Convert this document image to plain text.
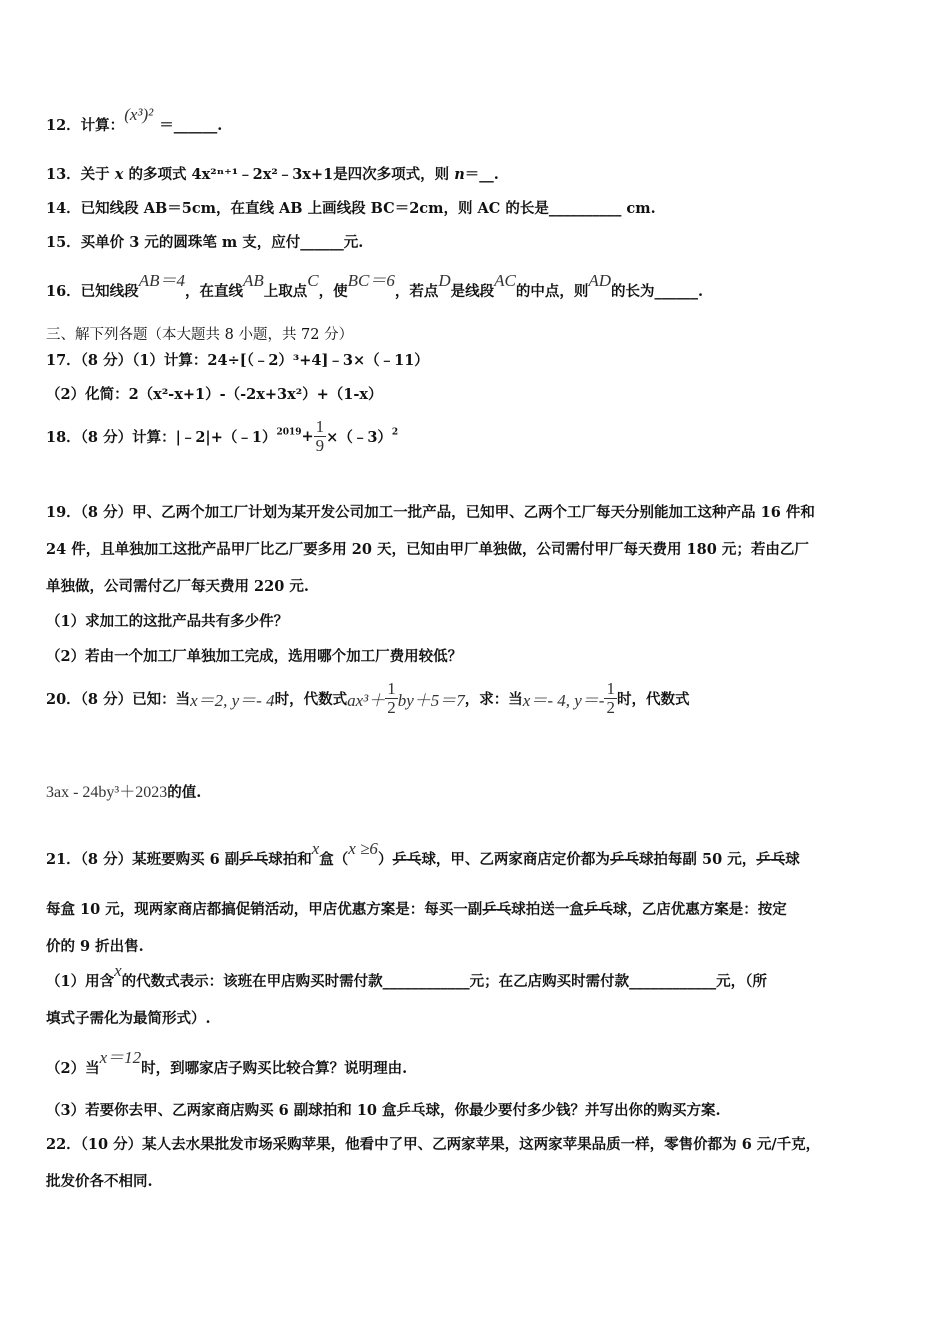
12．计算：(x³)²＝______.
13．关于 x 的多项式 4x²ⁿ⁺¹﹣2x²﹣3x+1是四次多项式，则 n＝__.
14．已知线段 AB＝5cm，在直线 AB 上画线段 BC＝2cm，则 AC 的长是__________ cm.
15．买单价 3 元的圆珠笔 m 支，应付______元.
16．已知线段AB＝4，在直线AB上取点C，使BC＝6，若点D是线段AC的中点，则AD的长为______.
三、解下列各题（本大题共 8 小题，共 72 分）
17．（8 分）（1）计算：24÷[（﹣2）³+4]﹣3×（﹣11）
（2）化简：2（x²-x+1）-（-2x+3x²）+（1-x）
18．（8 分）计算：|﹣2|+（﹣1）$^{2019}$+ $\frac{1}{9}$ ×（﹣3）$^2$
19．（8 分）甲、乙两个加工厂计划为某开发公司加工一批产品，已知甲、乙两个工厂每天分别能加工这种产品 16 件和
24 件，且单独加工这批产品甲厂比乙厂要多用 20 天，已知由甲厂单独做，公司需付甲厂每天费用 180 元；若由乙厂
单独做，公司需付乙厂每天费用 220 元.
（1）求加工的这批产品共有多少件？
（2）若由一个加工厂单独加工完成，选用哪个加工厂费用较低？
20．（8 分）已知：当x＝2, y＝- 4时，代数式$ax^3+ \frac{1}{2} by+5=7$，求：当x＝- 4, $y=- \frac{1}{2}$ 时，代数式
3ax - 24by³＋2023的值.
21．（8 分）某班要购买 6 副乒乓球拍和x盒（x ≥6）乒乓球，甲、乙两家商店定价都为乒乓球拍每副 50 元，乒乓球
每盒 10 元，现两家商店都搞促销活动，甲店优惠方案是：每买一副乒乓球拍送一盒乒乓球，乙店优惠方案是：按定
价的 9 折出售.
（1）用含x的代数式表示：该班在甲店购买时需付款____________元；在乙店购买时需付款____________元，（所
填式子需化为最简形式）.
（2）当x＝12时，到哪家店子购买比较合算？说明理由.
（3）若要你去甲、乙两家商店购买 6 副球拍和 10 盒乒乓球，你最少要付多少钱？并写出你的购买方案.
22．（10 分）某人去水果批发市场采购苹果，他看中了甲、乙两家苹果，这两家苹果品质一样，零售价都为 6 元/千克，
批发价各不相同.
